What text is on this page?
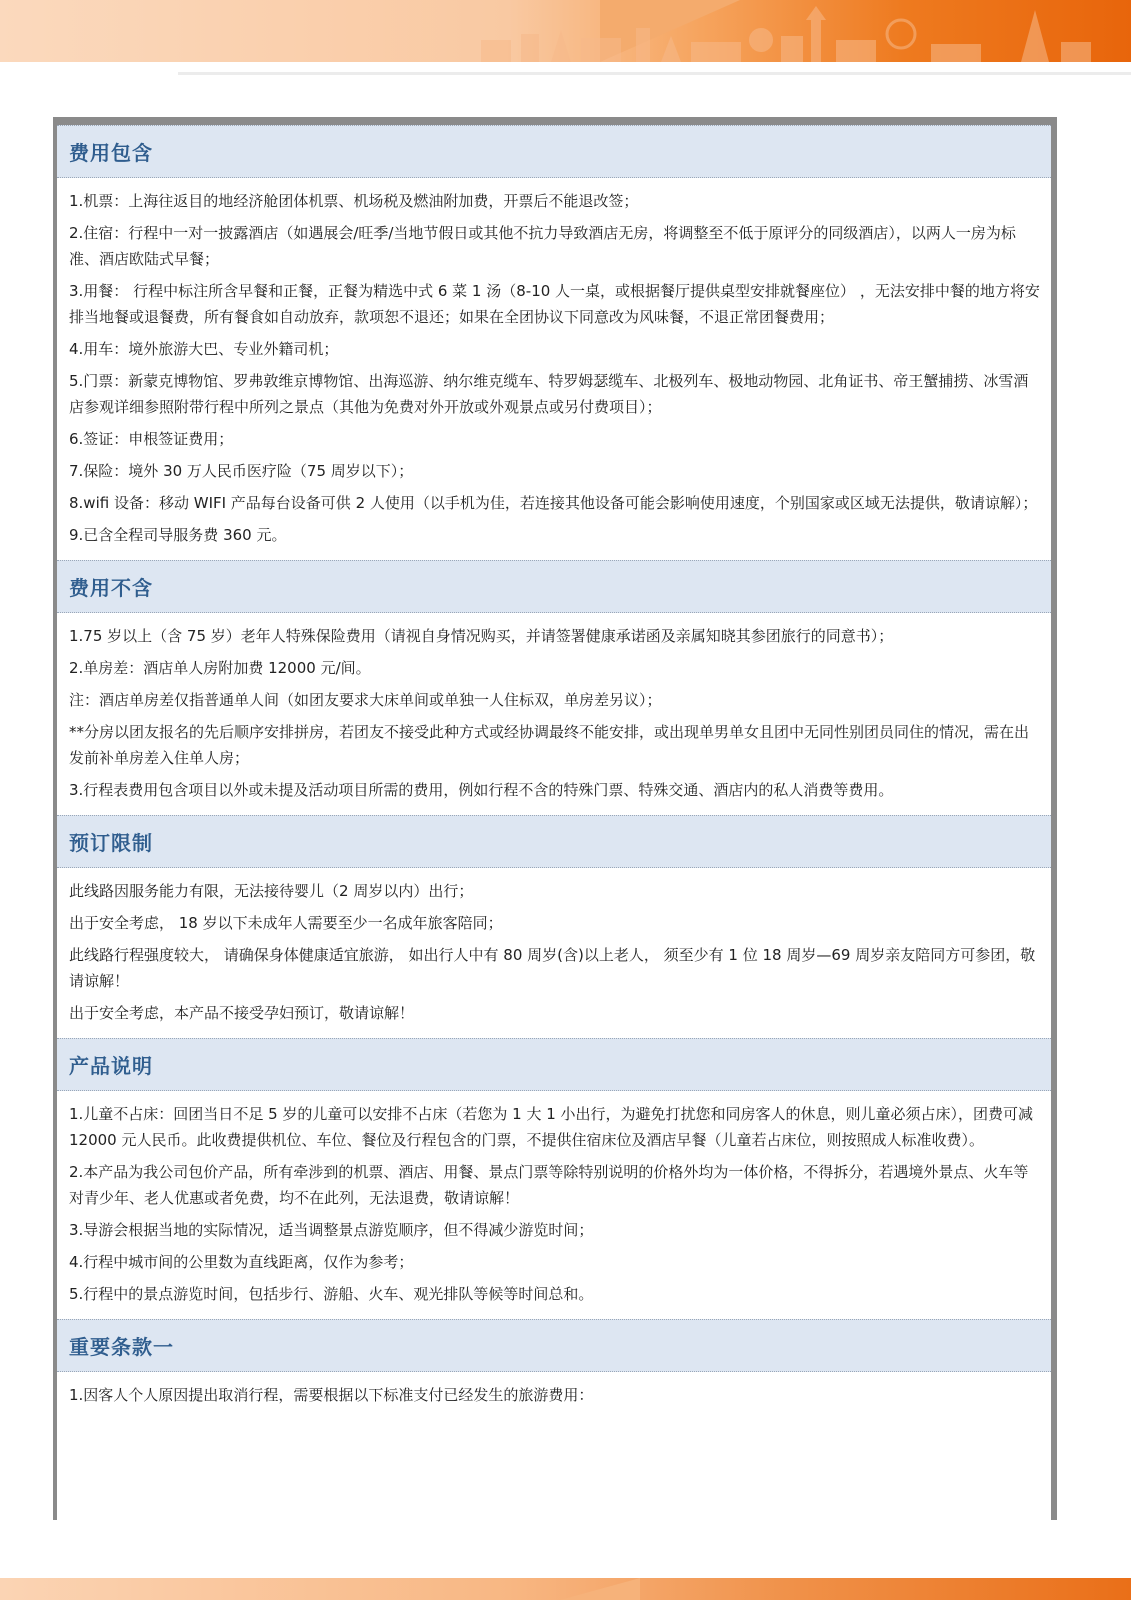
费用包含

1.机票：上海往返目的地经济舱团体机票、机场税及燃油附加费，开票后不能退改签；

2.住宿：行程中一对一披露酒店（如遇展会/旺季/当地节假日或其他不抗力导致酒店无房，将调整至不低于原评分的同级酒店），以两人一房为标准、酒店欧陆式早餐；

3.用餐： 行程中标注所含早餐和正餐，正餐为精选中式 6 菜 1 汤（8-10 人一桌，或根据餐厅提供桌型安排就餐座位） ，无法安排中餐的地方将安排当地餐或退餐费，所有餐食如自动放弃，款项恕不退还；如果在全团协议下同意改为风味餐，不退正常团餐费用；

4.用车：境外旅游大巴、专业外籍司机；

5.门票：新蒙克博物馆、罗弗敦维京博物馆、出海巡游、纳尔维克缆车、特罗姆瑟缆车、北极列车、极地动物园、北角证书、帝王蟹捕捞、冰雪酒店参观详细参照附带行程中所列之景点（其他为免费对外开放或外观景点或另付费项目）；

6.签证：申根签证费用；

7.保险：境外 30 万人民币医疗险（75 周岁以下）；

8.wifi 设备：移动 WIFI 产品每台设备可供 2 人使用（以手机为佳，若连接其他设备可能会影响使用速度，个别国家或区域无法提供，敬请谅解）；

9.已含全程司导服务费 360 元。

费用不含

1.75 岁以上（含 75 岁）老年人特殊保险费用（请视自身情况购买，并请签署健康承诺函及亲属知晓其参团旅行的同意书）；

2.单房差：酒店单人房附加费 12000 元/间。

注：酒店单房差仅指普通单人间（如团友要求大床单间或单独一人住标双，单房差另议）；

**分房以团友报名的先后顺序安排拼房，若团友不接受此种方式或经协调最终不能安排，或出现单男单女且团中无同性别团员同住的情况，需在出发前补单房差入住单人房；

3.行程表费用包含项目以外或未提及活动项目所需的费用，例如行程不含的特殊门票、特殊交通、酒店内的私人消费等费用。

预订限制

此线路因服务能力有限，无法接待婴儿（2 周岁以内）出行；

出于安全考虑， 18 岁以下未成年人需要至少一名成年旅客陪同；

此线路行程强度较大， 请确保身体健康适宜旅游， 如出行人中有 80 周岁(含)以上老人， 须至少有 1 位 18 周岁—69 周岁亲友陪同方可参团，敬请谅解！

出于安全考虑，本产品不接受孕妇预订，敬请谅解！

产品说明

1.儿童不占床：回团当日不足 5 岁的儿童可以安排不占床（若您为 1 大 1 小出行，为避免打扰您和同房客人的休息，则儿童必须占床），团费可减 12000 元人民币。此收费提供机位、车位、餐位及行程包含的门票，不提供住宿床位及酒店早餐（儿童若占床位，则按照成人标准收费）。

2.本产品为我公司包价产品，所有牵涉到的机票、酒店、用餐、景点门票等除特别说明的价格外均为一体价格，不得拆分，若遇境外景点、火车等对青少年、老人优惠或者免费，均不在此列，无法退费，敬请谅解！

3.导游会根据当地的实际情况，适当调整景点游览顺序，但不得减少游览时间；

4.行程中城市间的公里数为直线距离，仅作为参考；

5.行程中的景点游览时间，包括步行、游船、火车、观光排队等候等时间总和。

重要条款一

1.因客人个人原因提出取消行程，需要根据以下标准支付已经发生的旅游费用：
